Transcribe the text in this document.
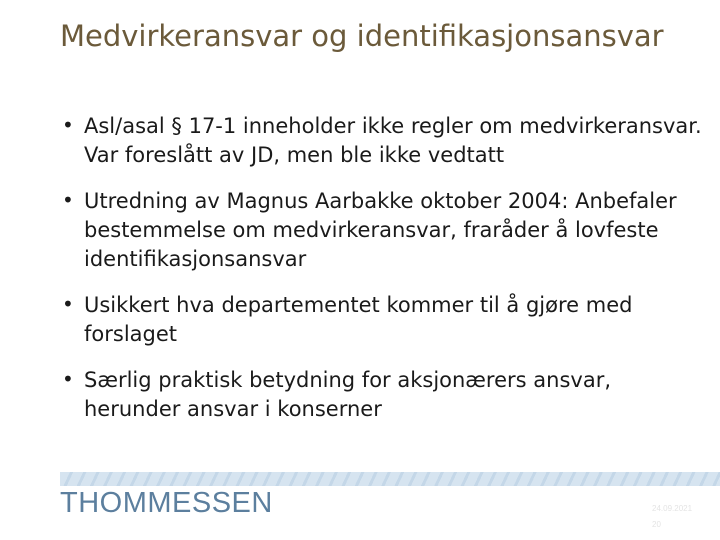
Medvirkeransvar og identifikasjonsansvar
• Asl/asal § 17-1 inneholder ikke regler om medvirkeransvar. Var foreslått av JD, men ble ikke vedtatt
• Utredning av Magnus Aarbakke oktober 2004: Anbefaler bestemmelse om medvirkeransvar, fraråder å lovfeste identifikasjonsansvar
• Usikkert hva departementet kommer til å gjøre med forslaget
• Særlig praktisk betydning for aksjonærers ansvar, herunder ansvar i konserner
THOMMESSEN	24.09.2021
20
